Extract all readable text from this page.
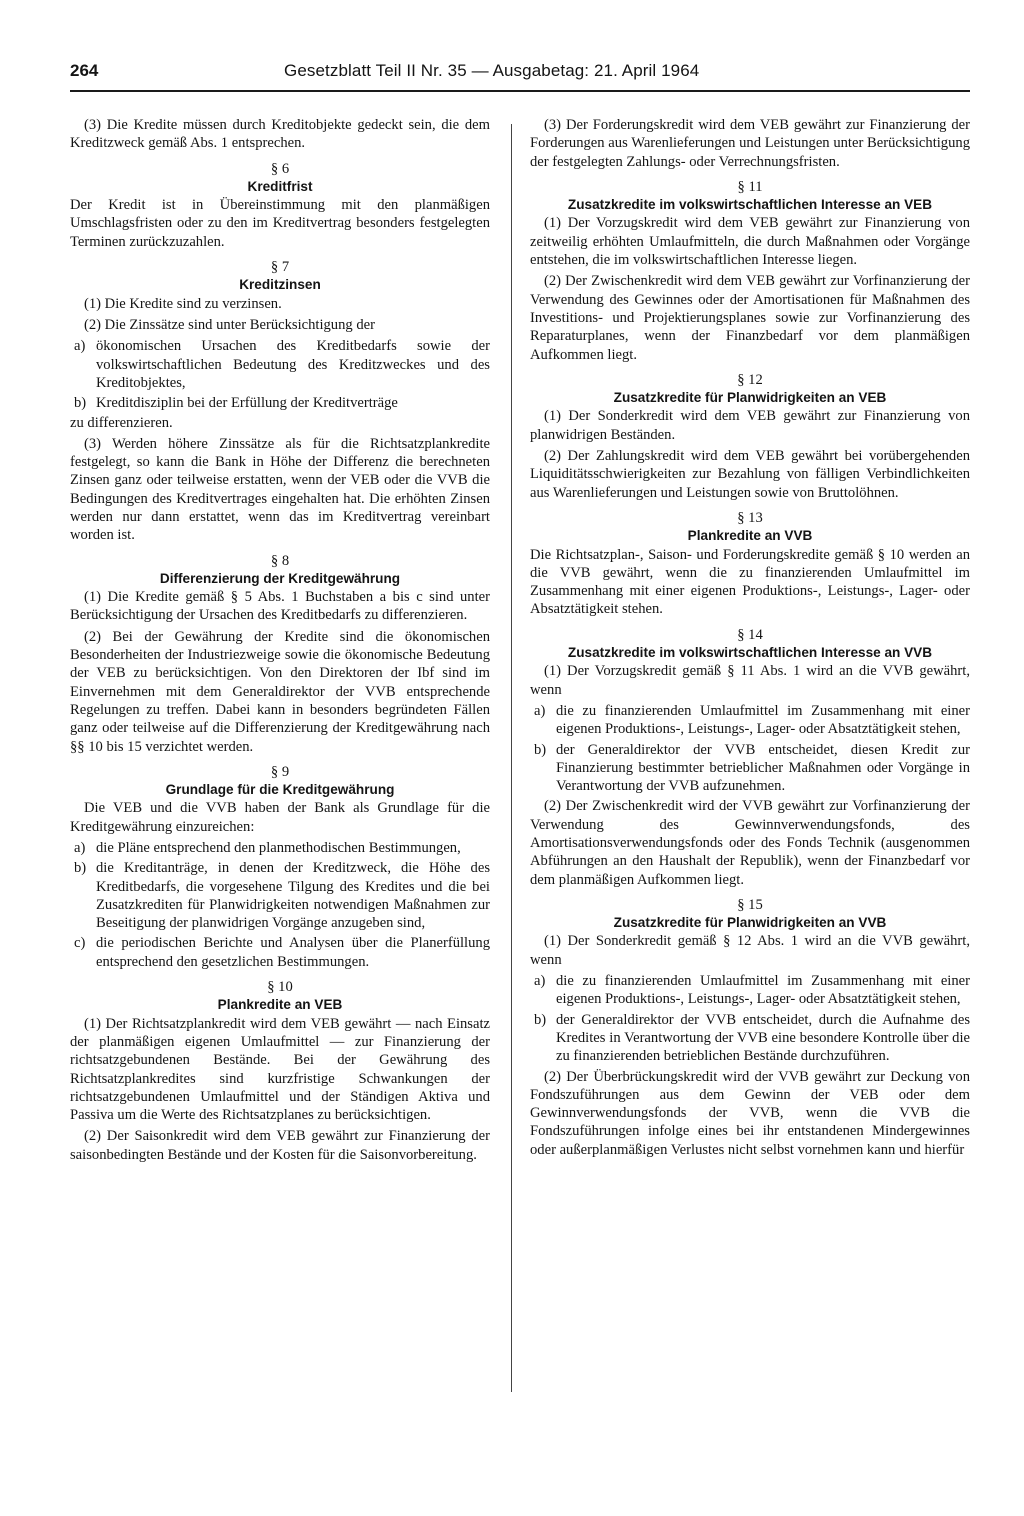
264	Gesetzblatt Teil II Nr. 35 — Ausgabetag: 21. April 1964

(3) Die Kredite müssen durch Kreditobjekte gedeckt sein, die dem Kreditzweck gemäß Abs. 1 entsprechen.

§ 6

Kreditfrist

Der Kredit ist in Übereinstimmung mit den planmäßigen Umschlagsfristen oder zu den im Kreditvertrag besonders festgelegten Terminen zurückzuzahlen.

§ 7

Kreditzinsen

(1) Die Kredite sind zu verzinsen.

(2) Die Zinssätze sind unter Berücksichtigung der

a) ökonomischen Ursachen des Kreditbedarfs sowie der volkswirtschaftlichen Bedeutung des Kreditzweckes und des Kreditobjektes,
b) Kreditdisziplin bei der Erfüllung der Kreditverträge

zu differenzieren.

(3) Werden höhere Zinssätze als für die Richtsatzplankredite festgelegt, so kann die Bank in Höhe der Differenz die berechneten Zinsen ganz oder teilweise erstatten, wenn der VEB oder die VVB die Bedingungen des Kreditvertrages eingehalten hat. Die erhöhten Zinsen werden nur dann erstattet, wenn das im Kreditvertrag vereinbart worden ist.

§ 8

Differenzierung der Kreditgewährung

(1) Die Kredite gemäß § 5 Abs. 1 Buchstaben a bis c sind unter Berücksichtigung der Ursachen des Kreditbedarfs zu differenzieren.

(2) Bei der Gewährung der Kredite sind die ökonomischen Besonderheiten der Industriezweige sowie die ökonomische Bedeutung der VEB zu berücksichtigen. Von den Direktoren der Ibf sind im Einvernehmen mit dem Generaldirektor der VVB entsprechende Regelungen zu treffen. Dabei kann in besonders begründeten Fällen ganz oder teilweise auf die Differenzierung der Kreditgewährung nach §§ 10 bis 15 verzichtet werden.

§ 9

Grundlage für die Kreditgewährung

Die VEB und die VVB haben der Bank als Grundlage für die Kreditgewährung einzureichen:

a) die Pläne entsprechend den planmethodischen Bestimmungen,
b) die Kreditanträge, in denen der Kreditzweck, die Höhe des Kreditbedarfs, die vorgesehene Tilgung des Kredites und die bei Zusatzkrediten für Planwidrigkeiten notwendigen Maßnahmen zur Beseitigung der planwidrigen Vorgänge anzugeben sind,
c) die periodischen Berichte und Analysen über die Planerfüllung entsprechend den gesetzlichen Bestimmungen.

§ 10

Plankredite an VEB

(1) Der Richtsatzplankredit wird dem VEB gewährt — nach Einsatz der planmäßigen eigenen Umlaufmittel — zur Finanzierung der richtsatzgebundenen Bestände. Bei der Gewährung des Richtsatzplankredites sind kurzfristige Schwankungen der richtsatzgebundenen Umlaufmittel und der Ständigen Aktiva und Passiva um die Werte des Richtsatzplanes zu berücksichtigen.

(2) Der Saisonkredit wird dem VEB gewährt zur Finanzierung der saisonbedingten Bestände und der Kosten für die Saisonvorbereitung.

(3) Der Forderungskredit wird dem VEB gewährt zur Finanzierung der Forderungen aus Warenlieferungen und Leistungen unter Berücksichtigung der festgelegten Zahlungs- oder Verrechnungsfristen.

§ 11

Zusatzkredite im volkswirtschaftlichen Interesse an VEB

(1) Der Vorzugskredit wird dem VEB gewährt zur Finanzierung von zeitweilig erhöhten Umlaufmitteln, die durch Maßnahmen oder Vorgänge entstehen, die im volkswirtschaftlichen Interesse liegen.

(2) Der Zwischenkredit wird dem VEB gewährt zur Vorfinanzierung der Verwendung des Gewinnes oder der Amortisationen für Maßnahmen des Investitions- und Projektierungsplanes sowie zur Vorfinanzierung des Reparaturplanes, wenn der Finanzbedarf vor dem planmäßigen Aufkommen liegt.

§ 12

Zusatzkredite für Planwidrigkeiten an VEB

(1) Der Sonderkredit wird dem VEB gewährt zur Finanzierung von planwidrigen Beständen.

(2) Der Zahlungskredit wird dem VEB gewährt bei vorübergehenden Liquiditätsschwierigkeiten zur Bezahlung von fälligen Verbindlichkeiten aus Warenlieferungen und Leistungen sowie von Bruttolöhnen.

§ 13

Plankredite an VVB

Die Richtsatzplan-, Saison- und Forderungskredite gemäß § 10 werden an die VVB gewährt, wenn die zu finanzierenden Umlaufmittel im Zusammenhang mit einer eigenen Produktions-, Leistungs-, Lager- oder Absatztätigkeit stehen.

§ 14

Zusatzkredite im volkswirtschaftlichen Interesse an VVB

(1) Der Vorzugskredit gemäß § 11 Abs. 1 wird an die VVB gewährt, wenn

a) die zu finanzierenden Umlaufmittel im Zusammenhang mit einer eigenen Produktions-, Leistungs-, Lager- oder Absatztätigkeit stehen,
b) der Generaldirektor der VVB entscheidet, diesen Kredit zur Finanzierung bestimmter betrieblicher Maßnahmen oder Vorgänge in Verantwortung der VVB aufzunehmen.

(2) Der Zwischenkredit wird der VVB gewährt zur Vorfinanzierung der Verwendung des Gewinnverwendungsfonds, des Amortisationsverwendungsfonds oder des Fonds Technik (ausgenommen Abführungen an den Haushalt der Republik), wenn der Finanzbedarf vor dem planmäßigen Aufkommen liegt.

§ 15

Zusatzkredite für Planwidrigkeiten an VVB

(1) Der Sonderkredit gemäß § 12 Abs. 1 wird an die VVB gewährt, wenn

a) die zu finanzierenden Umlaufmittel im Zusammenhang mit einer eigenen Produktions-, Leistungs-, Lager- oder Absatztätigkeit stehen,
b) der Generaldirektor der VVB entscheidet, durch die Aufnahme des Kredites in Verantwortung der VVB eine besondere Kontrolle über die zu finanzierenden betrieblichen Bestände durchzuführen.

(2) Der Überbrückungskredit wird der VVB gewährt zur Deckung von Fondszuführungen aus dem Gewinn der VEB oder dem Gewinnverwendungsfonds der VVB, wenn die VVB die Fondszuführungen infolge eines bei ihr entstandenen Mindergewinnes oder außerplanmäßigen Verlustes nicht selbst vornehmen kann und hierfür
